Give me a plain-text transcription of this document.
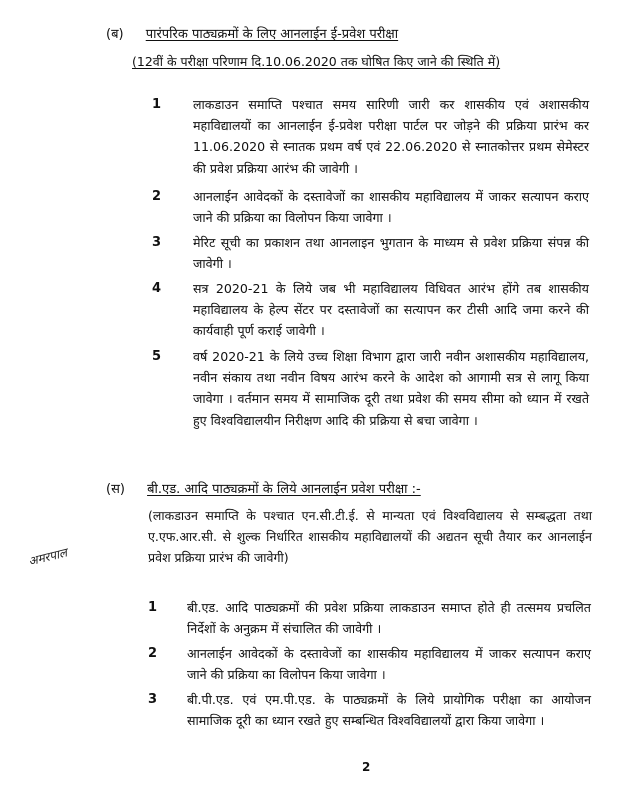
(ब) पारंपरिक पाठ्यक्रमों के लिए आनलाईन ई-प्रवेश परीक्षा
(12वीं के परीक्षा परिणाम दि.10.06.2020 तक घोषित किए जाने की स्थिति में)
1	लाकडाउन समाप्ति पश्चात समय सारिणी जारी कर शासकीय एवं अशासकीय महाविद्यालयों का आनलाईन ई-प्रवेश परीक्षा पार्टल पर जोड़ने की प्रक्रिया प्रारंभ कर 11.06.2020 से स्नातक प्रथम वर्ष एवं 22.06.2020 से स्नातकोत्तर प्रथम सेमेस्टर की प्रवेश प्रक्रिया आरंभ की जावेगी ।
2	आनलाईन आवेदकों के दस्तावेजों का शासकीय महाविद्यालय में जाकर सत्यापन कराए जाने की प्रक्रिया का विलोपन किया जावेगा ।
3	मेरिट सूची का प्रकाशन तथा आनलाइन भुगतान के माध्यम से प्रवेश प्रक्रिया संपन्न की जावेगी ।
4	सत्र 2020-21 के लिये जब भी महाविद्यालय विधिवत आरंभ होंगे तब शासकीय महाविद्यालय के हेल्प सेंटर पर दस्तावेजों का सत्यापन कर टीसी आदि जमा करने की कार्यवाही पूर्ण कराई जावेगी ।
5	वर्ष 2020-21 के लिये उच्च शिक्षा विभाग द्वारा जारी नवीन अशासकीय महाविद्यालय, नवीन संकाय तथा नवीन विषय आरंभ करने के आदेश को आगामी सत्र से लागू किया जावेगा । वर्तमान समय में सामाजिक दूरी तथा प्रवेश की समय सीमा को ध्यान में रखते हुए विश्वविद्यालयीन निरीक्षण आदि की प्रक्रिया से बचा जावेगा ।
(स) बी.एड. आदि पाठ्यक्रमों के लिये आनलाईन प्रवेश परीक्षा :-
(लाकडाउन समाप्ति के पश्चात एन.सी.टी.ई. से मान्यता एवं विश्वविद्यालय से सम्बद्धता तथा ए.एफ.आर.सी. से शुल्क निर्धारित शासकीय महाविद्यालयों की अद्यतन सूची तैयार कर आनलाईन प्रवेश प्रक्रिया प्रारंभ की जावेगी)
अमरपाल
1 बी.एड. आदि पाठ्यक्रमों की प्रवेश प्रक्रिया लाकडाउन समाप्त होते ही तत्समय प्रचलित निर्देशों के अनुक्रम में संचालित की जावेगी ।
2 आनलाईन आवेदकों के दस्तावेजों का शासकीय महाविद्यालय में जाकर सत्यापन कराए जाने की प्रक्रिया का विलोपन किया जावेगा ।
3 बी.पी.एड. एवं एम.पी.एड. के पाठ्यक्रमों के लिये प्रायोगिक परीक्षा का आयोजन सामाजिक दूरी का ध्यान रखते हुए सम्बन्धित विश्वविद्यालयों द्वारा किया जावेगा ।
2
